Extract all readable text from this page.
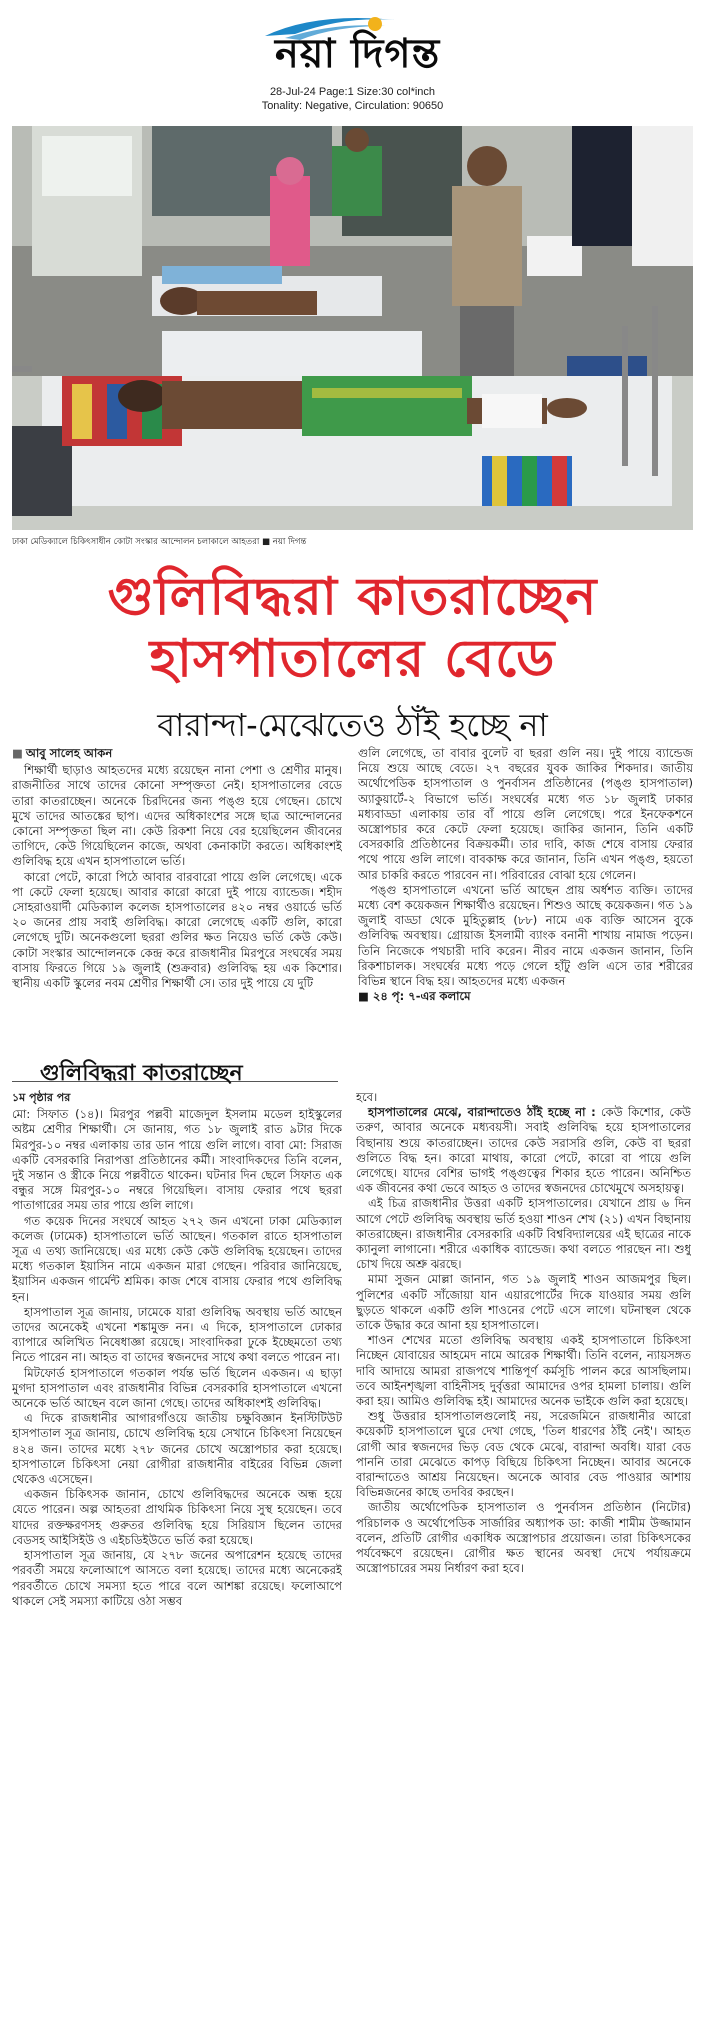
নয়া দিগন্ত
28-Jul-24 Page:1 Size:30 col*inch
Tonality: Negative, Circulation: 90650
ঢাকা মেডিক্যালে চিকিৎসাধীন কোটা সংস্কার আন্দোলন চলাকালে আহতরা ■ নয়া দিগন্ত
গুলিবিদ্ধরা কাতরাচ্ছেন
হাসপাতালের বেডে
বারান্দা-মেঝেতেও ঠাঁই হচ্ছে না
■ আবু সালেহ আকন

শিক্ষার্থী ছাড়াও আহতদের মধ্যে রয়েছেন নানা পেশা ও শ্রেণীর মানুষ। রাজনীতির সাথে তাদের কোনো সম্পৃক্ততা নেই। হাসপাতালের বেডে তারা কাতরাচ্ছেন। অনেকে চিরদিনের জন্য পঙ্গু হয়ে গেছেন। চোখে মুখে তাদের আতঙ্কের ছাপ। এদের অধিকাংশের সঙ্গে ছাত্র আন্দোলনের কোনো সম্পৃক্ততা ছিল না। কেউ রিকশা নিয়ে বের হয়েছিলেন জীবনের তাগিদে, কেউ গিয়েছিলেন কাজে, অথবা কেনাকাটা করতে। অধিকাংশই গুলিবিদ্ধ হয়ে এখন হাসপাতালে ভর্তি।

কারো পেটে, কারো পিঠে আবার বারবারো পায়ে গুলি লেগেছে। একে পা কেটে ফেলা হয়েছে। আবার কারো কারো দুই পায়ে ব্যান্ডেজ। শহীদ সোহরাওয়ার্দী মেডিক্যাল কলেজ হাসপাতালের ৪২০ নম্বর ওয়ার্ডে ভর্তি ২০ জনের প্রায় সবাই গুলিবিদ্ধ। কারো লেগেছে একটি গুলি, কারো লেগেছে দুটি। অনেকগুলো ছররা গুলির ক্ষত নিয়েও ভর্তি কেউ কেউ। কোটা সংস্কার আন্দোলনকে কেন্দ্র করে রাজধানীর মিরপুরে সংঘর্ষের সময় বাসায় ফিরতে গিয়ে ১৯ জুলাই (শুক্রবার) গুলিবিদ্ধ হয় এক কিশোর। স্থানীয় একটি স্কুলের নবম শ্রেণীর শিক্ষার্থী সে। তার দুই পায়ে যে দুটি

গুলি লেগেছে, তা বাবার বুলেট বা ছররা গুলি নয়। দুই পায়ে ব্যান্ডেজ নিয়ে শুয়ে আছে বেডে। ২৭ বছরের যুবক জাকির শিকদার। জাতীয় অর্থোপেডিক হাসপাতাল ও পুনর্বাসন প্রতিষ্ঠানের (পঙ্গু হাসপাতাল) অ্যাকুয়ার্টে-২ বিভাগে ভর্তি। সংঘর্ষের মধ্যে গত ১৮ জুলাই ঢাকার মধ্যবাড্ডা এলাকায় তার বাঁ পায়ে গুলি লেগেছে। পরে ইনফেকশনে অস্ত্রোপচার করে কেটে ফেলা হয়েছে। জাকির জানান, তিনি একটি বেসরকারি প্রতিষ্ঠানের বিক্রয়কর্মী। তার দাবি, কাজ শেষে বাসায় ফেরার পথে পায়ে গুলি লাগে। বাবকাক্ষ করে জানান, তিনি এখন পঙ্গু, হয়তো আর চাকরি করতে পারবেন না। পরিবারের বোঝা হয়ে গেলেন।

পঙ্গু হাসপাতালে এখনো ভর্তি আছেন প্রায় অর্ধশত ব্যক্তি। তাদের মধ্যে বেশ কয়েকজন শিক্ষার্থীও রয়েছেন। শিশুও আছে কয়েকজন। গত ১৯ জুলাই বাড্ডা থেকে মুহিতুল্লাহ (৮৮) নামে এক ব্যক্তি আসেন বুকে গুলিবিদ্ধ অবস্থায়। গ্রোয়াজ ইসলামী ব্যাংক বনানী শাখায় নামাজ পড়েন। তিনি নিজেকে পথচারী দাবি করেন। নীরব নামে একজন জানান, তিনি রিকশাচালক। সংঘর্ষের মধ্যে পড়ে গেলে হাঁটু গুলি এসে তার শরীরের বিভিন্ন স্থানে বিদ্ধ হয়। আহতদের মধ্যে একজন

■ ২৪ পৃ: ৭-এর কলামে
গুলিবিদ্ধরা কাতরাচ্ছেন
১ম পৃষ্ঠার পর

মো: সিফাত (১৪)। মিরপুর পল্লবী মাজেদুল ইসলাম মডেল হাইস্কুলের অষ্টম শ্রেণীর শিক্ষার্থী। সে জানায়, গত ১৮ জুলাই রাত ৯টার দিকে মিরপুর-১০ নম্বর এলাকায় তার ডান পায়ে গুলি লাগে। বাবা মো: সিরাজ একটি বেসরকারি নিরাপত্তা প্রতিষ্ঠানের কর্মী। সাংবাদিকদের তিনি বলেন, দুই সন্তান ও স্ত্রীকে নিয়ে পল্লবীতে থাকেন। ঘটনার দিন ছেলে সিফাত এক বন্ধুর সঙ্গে মিরপুর-১০ নম্বরে গিয়েছিল। বাসায় ফেরার পথে ছররা পাতাগারের সময় তার পায়ে গুলি লাগে।

গত কয়েক দিনের সংঘর্ষে আহত ২৭২ জন এখনো ঢাকা মেডিক্যাল কলেজ (ঢামেক) হাসপাতালে ভর্তি আছেন। গতকাল রাতে হাসপাতাল সূত্র এ তথ্য জানিয়েছে। এর মধ্যে কেউ কেউ গুলিবিদ্ধ হয়েছেন। তাদের মধ্যে গতকাল ইয়াসিন নামে একজন মারা গেছেন। পরিবার জানিয়েছে, ইয়াসিন একজন গার্মেন্ট শ্রমিক। কাজ শেষে বাসায় ফেরার পথে গুলিবিদ্ধ হন।

হাসপাতাল সূত্র জানায়, ঢামেকে যারা গুলিবিদ্ধ অবস্থায় ভর্তি আছেন তাদের অনেকেই এখনো শঙ্কামুক্ত নন। এ দিকে, হাসপাতালে ঢোকার ব্যাপারে অলিখিত নিষেধাজ্ঞা রয়েছে। সাংবাদিকরা ঢুকে ইচ্ছেমতো তথ্য নিতে পারেন না। আহত বা তাদের স্বজনদের সাথে কথা বলতে পারেন না।

মিটফোর্ড হাসপাতালে গতকাল পর্যন্ত ভর্তি ছিলেন একজন। এ ছাড়া মুগদা হাসপাতাল এবং রাজধানীর বিভিন্ন বেসরকারি হাসপাতালে এখনো অনেকে ভর্তি আছেন বলে জানা গেছে। তাদের অধিকাংশই গুলিবিদ্ধ।

এ দিকে রাজধানীর আগারগাঁওয়ে জাতীয় চক্ষুবিজ্ঞান ইনস্টিটিউট হাসপাতাল সূত্র জানায়, চোখে গুলিবিদ্ধ হয়ে সেখানে চিকিৎসা নিয়েছেন ৪২৪ জন। তাদের মধ্যে ২৭৮ জনের চোখে অস্ত্রোপচার করা হয়েছে। হাসপাতালে চিকিৎসা নেয়া রোগীরা রাজধানীর বাইরের বিভিন্ন জেলা থেকেও এসেছেন।

একজন চিকিৎসক জানান, চোখে গুলিবিদ্ধদের অনেকে অন্ধ হয়ে যেতে পারেন। অল্প আহতরা প্রাথমিক চিকিৎসা নিয়ে সুস্থ হয়েছেন। তবে যাদের রক্তক্ষরণসহ গুরুতর গুলিবিদ্ধ হয়ে সিরিয়াস ছিলেন তাদের বেডসহ আইসিইউ ও এইচডিইউতে ভর্তি করা হয়েছে।

হাসপাতাল সূত্র জানায়, যে ২৭৮ জনের অপারেশন হয়েছে তাদের পরবর্তী সময়ে ফলোআপে আসতে বলা হয়েছে। তাদের মধ্যে অনেকেরই পরবর্তীতে চোখে সমস্যা হতে পারে বলে আশঙ্কা রয়েছে। ফলোআপে থাকলে সেই সমস্যা কাটিয়ে ওঠা সম্ভব

হবে।

হাসপাতালের মেঝে, বারান্দাতেও ঠাঁই হচ্ছে না : কেউ কিশোর, কেউ তরুণ, আবার অনেকে মধ্যবয়সী। সবাই গুলিবিদ্ধ হয়ে হাসপাতালের বিছানায় শুয়ে কাতরাচ্ছেন। তাদের কেউ সরাসরি গুলি, কেউ বা ছররা গুলিতে বিদ্ধ হন। কারো মাথায়, কারো পেটে, কারো বা পায়ে গুলি লেগেছে। যাদের বেশির ভাগই পঙ্গুত্বের শিকার হতে পারেন। অনিশ্চিত এক জীবনের কথা ভেবে আহত ও তাদের স্বজনদের চোখেমুখে অসহায়ত্ব।

এই চিত্র রাজধানীর উত্তরা একটি হাসপাতালের। যেখানে প্রায় ৬ দিন আগে পেটে গুলিবিদ্ধ অবস্থায় ভর্তি হওয়া শাওন শেখ (২১) এখন বিছানায় কাতরাচ্ছেন। রাজধানীর বেসরকারি একটি বিশ্ববিদ্যালয়ের এই ছাত্রের নাকে ক্যানুলা লাগানো। শরীরে একাধিক ব্যান্ডেজ। কথা বলতে পারছেন না। শুধু চোখ দিয়ে অশ্রু ঝরছে।

মামা সুজন মোল্লা জানান, গত ১৯ জুলাই শাওন আজমপুর ছিল। পুলিশের একটি সাঁজোয়া যান এয়ারপোর্টের দিকে যাওয়ার সময় গুলি ছুড়তে থাকলে একটি গুলি শাওনের পেটে এসে লাগে। ঘটনাস্থল থেকে তাকে উদ্ধার করে আনা হয় হাসপাতালে।

শাওন শেখের মতো গুলিবিদ্ধ অবস্থায় একই হাসপাতালে চিকিৎসা নিচ্ছেন যোবায়ের আহমেদ নামে আরেক শিক্ষার্থী। তিনি বলেন, ন্যায়সঙ্গত দাবি আদায়ে আমরা রাজপথে শান্তিপূর্ণ কর্মসূচি পালন করে আসছিলাম। তবে আইনশৃঙ্খলা বাহিনীসহ দুর্বৃত্তরা আমাদের ওপর হামলা চালায়। গুলি করা হয়। আমিও গুলিবিদ্ধ হই। আমাদের অনেক ভাইকে গুলি করা হয়েছে।

শুধু উত্তরার হাসপাতালগুলোই নয়, সরেজমিনে রাজধানীর আরো কয়েকটি হাসপাতালে ঘুরে দেখা গেছে, 'তিল ধারণের ঠাঁই নেই'। আহত রোগী আর স্বজনদের ভিড় বেড থেকে মেঝে, বারান্দা অবধি। যারা বেড পাননি তারা মেঝেতে কাপড় বিছিয়ে চিকিৎসা নিচ্ছেন। আবার অনেকে বারান্দাতেও আশ্রয় নিয়েছেন। অনেকে আবার বেড পাওয়ার আশায় বিভিন্নজনের কাছে তদবির করছেন।

জাতীয় অর্থোপেডিক হাসপাতাল ও পুনর্বাসন প্রতিষ্ঠান (নিটোর) পরিচালক ও অর্থোপেডিক সার্জারির অধ্যাপক ডা: কাজী শামীম উজ্জামান বলেন, প্রতিটি রোগীর একাধিক অস্ত্রোপচার প্রয়োজন। তারা চিকিৎসকের পর্যবেক্ষণে রয়েছেন। রোগীর ক্ষত স্থানের অবস্থা দেখে পর্যায়ক্রমে অস্ত্রোপচারের সময় নির্ধারণ করা হবে।
